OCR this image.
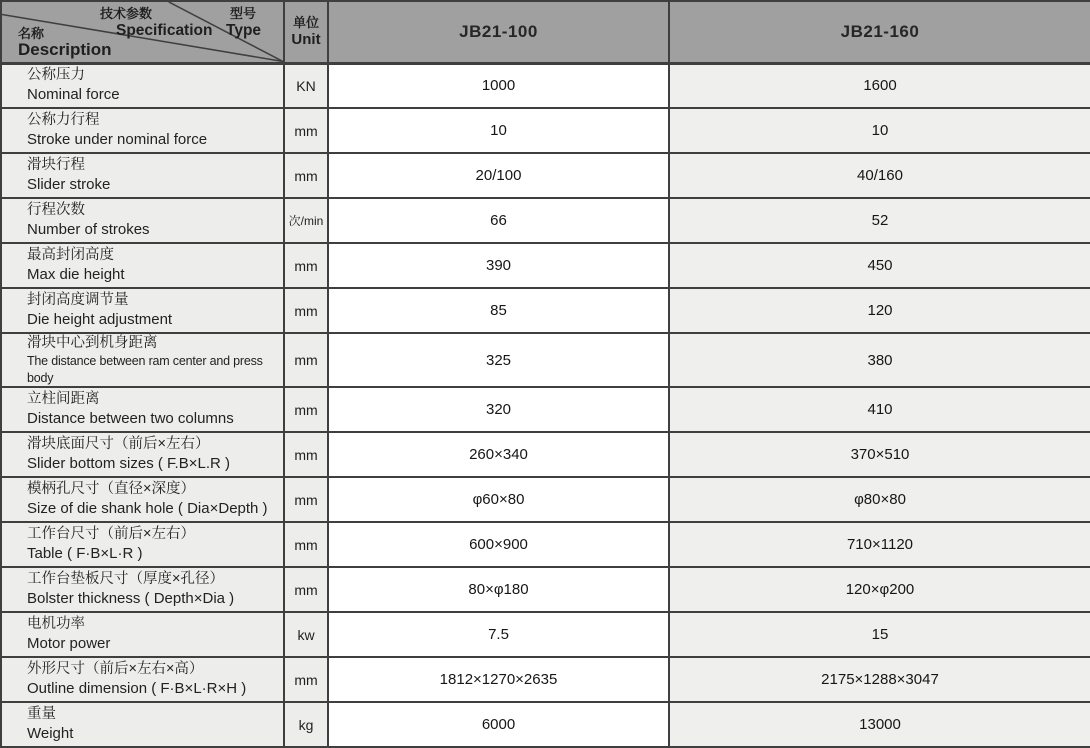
技术参数
Specification
型号
Type
名称
Description

单位
Unit	JB21-100	JB21-160

公称压力
Nominal force	KN	1000	1600

公称力行程
Stroke under nominal force	mm	10	10

滑块行程
Slider stroke	mm	20/100	40/160

行程次数
Number of strokes	次/min	66	52

最高封闭高度
Max die height	mm	390	450

封闭高度调节量
Die height adjustment	mm	85	120

滑块中心到机身距离
The distance between ram center and press body	mm	325	380

立柱间距离
Distance between two columns	mm	320	410

滑块底面尺寸（前后×左右）
Slider bottom sizes ( F.B×L.R )	mm	260×340	370×510

模柄孔尺寸（直径×深度）
Size of die shank hole ( Dia×Depth )	mm	φ60×80	φ80×80

工作台尺寸（前后×左右）
Table ( F·B×L·R )	mm	600×900	710×1120

工作台垫板尺寸（厚度×孔径）
Bolster thickness ( Depth×Dia )	mm	80×φ180	120×φ200

电机功率
Motor power	kw	7.5	15

外形尺寸（前后×左右×高）
Outline dimension ( F·B×L·R×H )	mm	1812×1270×2635	2175×1288×3047

重量
Weight	kg	6000	13000
